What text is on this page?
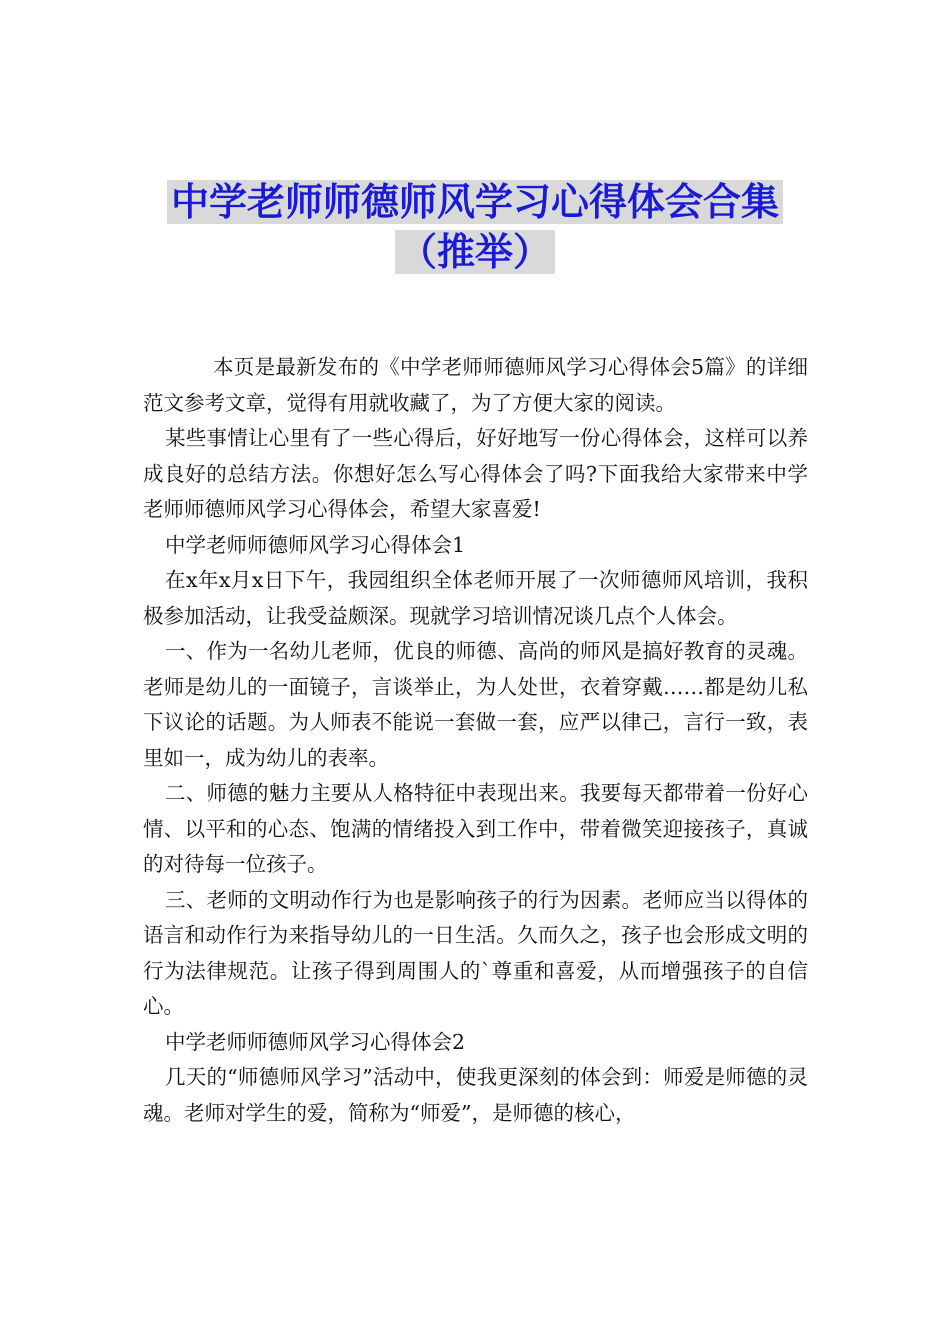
中学老师师德师风学习心得体会合集
（推举）

本页是最新发布的《中学老师师德师风学习心得体会5篇》的详细范文参考文章，觉得有用就收藏了，为了方便大家的阅读。

某些事情让心里有了一些心得后，好好地写一份心得体会，这样可以养成良好的总结方法。你想好怎么写心得体会了吗?下面我给大家带来中学老师师德师风学习心得体会，希望大家喜爱!

中学老师师德师风学习心得体会1

在x年x月x日下午，我园组织全体老师开展了一次师德师风培训，我积极参加活动，让我受益颇深。现就学习培训情况谈几点个人体会。

一、作为一名幼儿老师，优良的师德、高尚的师风是搞好教育的灵魂。老师是幼儿的一面镜子，言谈举止，为人处世，衣着穿戴……都是幼儿私下议论的话题。为人师表不能说一套做一套，应严以律己，言行一致，表里如一，成为幼儿的表率。

二、师德的魅力主要从人格特征中表现出来。我要每天都带着一份好心情、以平和的心态、饱满的情绪投入到工作中，带着微笑迎接孩子，真诚的对待每一位孩子。

三、老师的文明动作行为也是影响孩子的行为因素。老师应当以得体的语言和动作行为来指导幼儿的一日生活。久而久之，孩子也会形成文明的行为法律规范。让孩子得到周围人的`尊重和喜爱，从而增强孩子的自信心。

中学老师师德师风学习心得体会2

几天的“师德师风学习”活动中，使我更深刻的体会到：师爱是师德的灵魂。老师对学生的爱，简称为“师爱”，是师德的核心，
